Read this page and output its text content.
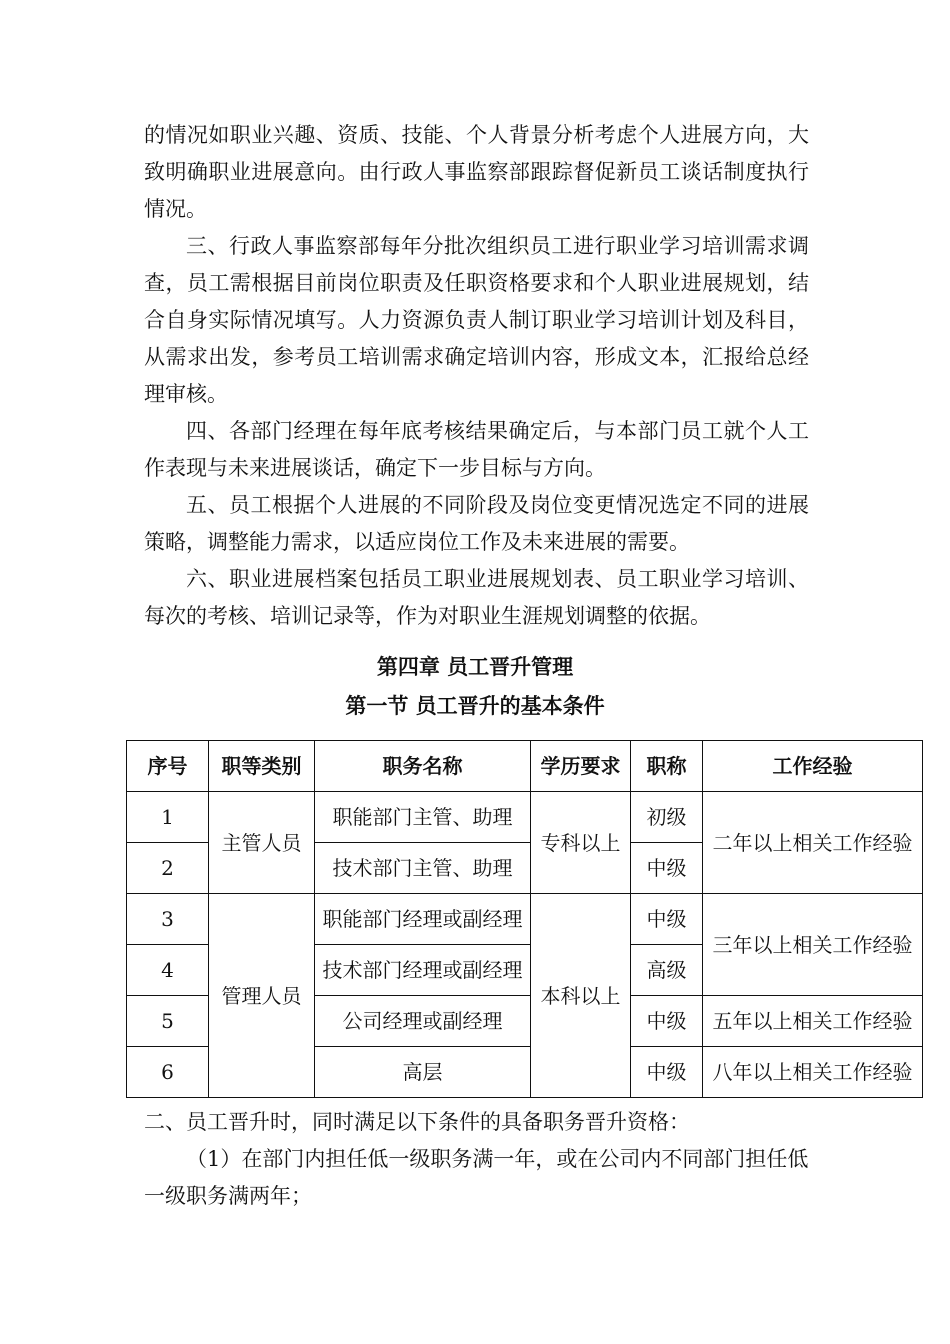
的情况如职业兴趣、资质、技能、个人背景分析考虑个人进展方向，大致明确职业进展意向。由行政人事监察部跟踪督促新员工谈话制度执行情况。

三、行政人事监察部每年分批次组织员工进行职业学习培训需求调查，员工需根据目前岗位职责及任职资格要求和个人职业进展规划，结合自身实际情况填写。人力资源负责人制订职业学习培训计划及科目，从需求出发，参考员工培训需求确定培训内容，形成文本，汇报给总经理审核。

四、各部门经理在每年底考核结果确定后，与本部门员工就个人工作表现与未来进展谈话，确定下一步目标与方向。

五、员工根据个人进展的不同阶段及岗位变更情况选定不同的进展策略，调整能力需求，以适应岗位工作及未来进展的需要。

六、职业进展档案包括员工职业进展规划表、员工职业学习培训、每次的考核、培训记录等，作为对职业生涯规划调整的依据。

第四章 员工晋升管理
第一节 员工晋升的基本条件
序号	职等类别	职务名称	学历要求	职称	工作经验
1	主管人员	职能部门主管、助理	专科以上	初级	二年以上相关工作经验
2		技术部门主管、助理		中级	
3	管理人员	职能部门经理或副经理	本科以上	中级	三年以上相关工作经验
4		技术部门经理或副经理		高级	
5		公司经理或副经理		中级	五年以上相关工作经验
6		高层		中级	八年以上相关工作经验

二、员工晋升时，同时满足以下条件的具备职务晋升资格：

（1）在部门内担任低一级职务满一年，或在公司内不同部门担任低一级职务满两年；
